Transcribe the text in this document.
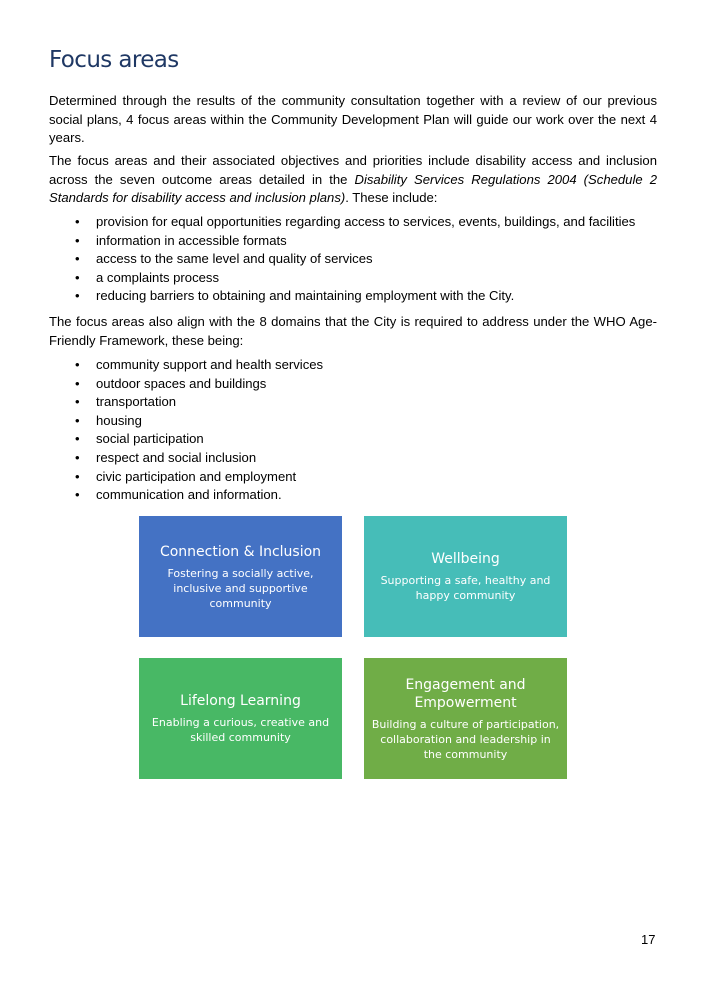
Focus areas

Determined through the results of the community consultation together with a review of our previous social plans, 4 focus areas within the Community Development Plan will guide our work over the next 4 years.

The focus areas and their associated objectives and priorities include disability access and inclusion across the seven outcome areas detailed in the Disability Services Regulations 2004 (Schedule 2 Standards for disability access and inclusion plans). These include:

• provision for equal opportunities regarding access to services, events, buildings, and facilities
• information in accessible formats
• access to the same level and quality of services
• a complaints process
• reducing barriers to obtaining and maintaining employment with the City.

The focus areas also align with the 8 domains that the City is required to address under the WHO Age-Friendly Framework, these being:

• community support and health services
• outdoor spaces and buildings
• transportation
• housing
• social participation
• respect and social inclusion
• civic participation and employment
• communication and information.
Connection & Inclusion
Fostering a socially active, inclusive and supportive community
Wellbeing
Supporting a safe, healthy and happy community
Lifelong Learning
Enabling a curious, creative and skilled community
Engagement and Empowerment
Building a culture of participation, collaboration and leadership in the community
17
